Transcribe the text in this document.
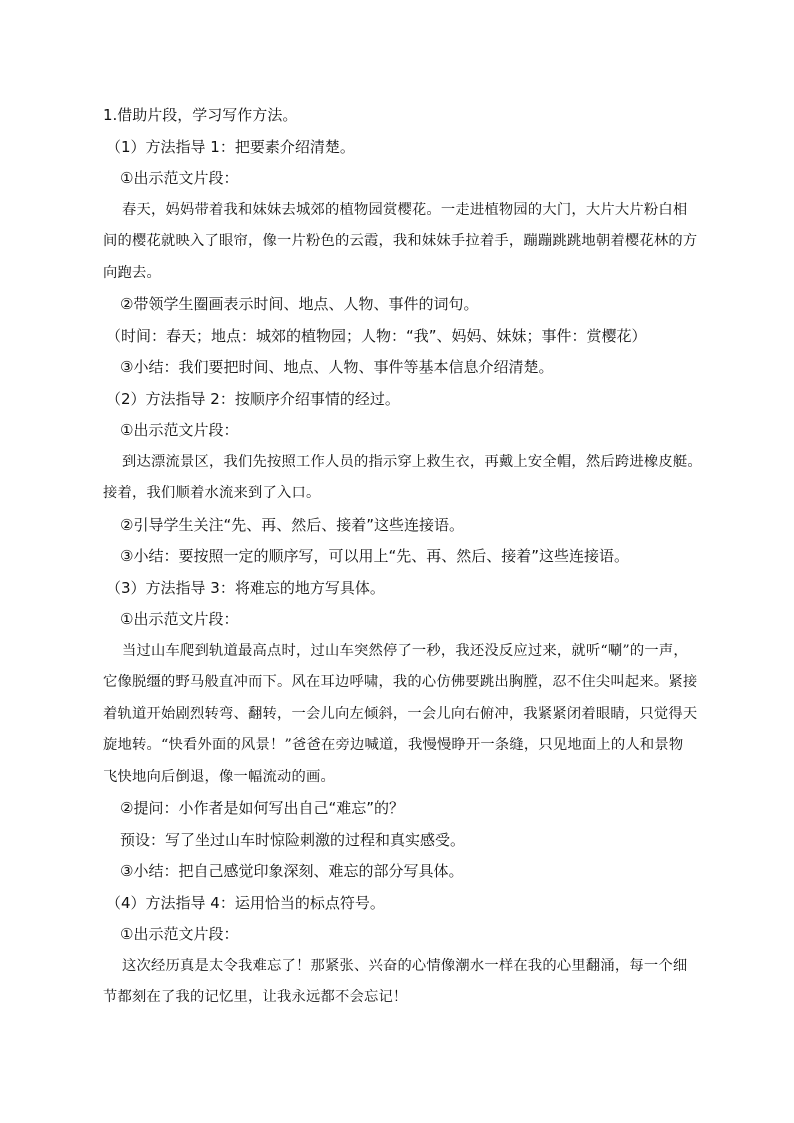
1.借助片段，学习写作方法。

（1）方法指导 1：把要素介绍清楚。

①出示范文片段：

春天，妈妈带着我和妹妹去城郊的植物园赏樱花。一走进植物园的大门，大片大片粉白相
间的樱花就映入了眼帘，像一片粉色的云霞，我和妹妹手拉着手，蹦蹦跳跳地朝着樱花林的方
向跑去。

②带领学生圈画表示时间、地点、人物、事件的词句。

（时间：春天；地点：城郊的植物园；人物：“我”、妈妈、妹妹；事件：赏樱花）

③小结：我们要把时间、地点、人物、事件等基本信息介绍清楚。

（2）方法指导 2：按顺序介绍事情的经过。

①出示范文片段：

到达漂流景区，我们先按照工作人员的指示穿上救生衣，再戴上安全帽，然后跨进橡皮艇。
接着，我们顺着水流来到了入口。

②引导学生关注“先、再、然后、接着”这些连接语。

③小结：要按照一定的顺序写，可以用上“先、再、然后、接着”这些连接语。

（3）方法指导 3：将难忘的地方写具体。

①出示范文片段：

当过山车爬到轨道最高点时，过山车突然停了一秒，我还没反应过来，就听“唰”的一声，
它像脱缰的野马般直冲而下。风在耳边呼啸，我的心仿佛要跳出胸膛，忍不住尖叫起来。紧接
着轨道开始剧烈转弯、翻转，一会儿向左倾斜，一会儿向右俯冲，我紧紧闭着眼睛，只觉得天
旋地转。“快看外面的风景！”爸爸在旁边喊道，我慢慢睁开一条缝，只见地面上的人和景物
飞快地向后倒退，像一幅流动的画。

②提问：小作者是如何写出自己“难忘”的？

预设：写了坐过山车时惊险刺激的过程和真实感受。

③小结：把自己感觉印象深刻、难忘的部分写具体。

（4）方法指导 4：运用恰当的标点符号。

①出示范文片段：

这次经历真是太令我难忘了！那紧张、兴奋的心情像潮水一样在我的心里翻涌，每一个细
节都刻在了我的记忆里，让我永远都不会忘记！
